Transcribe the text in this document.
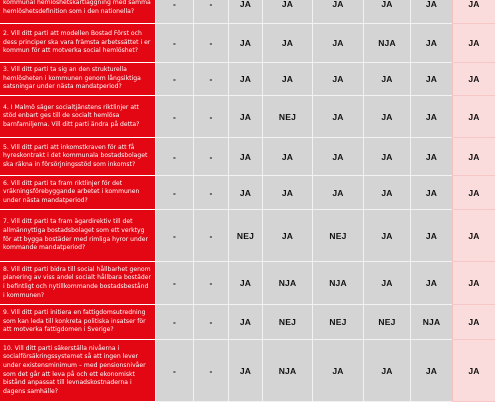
kommunal hemlöshetskartläggning med samma hemlöshetsdefinition som i den nationella?
-	-	JA	JA	JA	JA	JA	JA
2. Vill ditt parti att modellen Bostad Först och dess principer ska vara främsta arbetssättet i er kommun för att motverka social hemlöshet?
-	-	JA	JA	JA	NJA	JA	JA
3. Vill ditt parti ta sig an den strukturella hemlösheten i kommunen genom långsiktiga satsningar under nästa mandatperiod?
-	-	JA	JA	JA	JA	JA	JA
4. I Malmö säger socialtjänstens riktlinjer att stöd enbart ges till de socialt hemlösa barnfamiljerna. Vill ditt parti ändra på detta?
-	-	JA	NEJ	JA	JA	JA	JA
5. Vill ditt parti att inkomstkraven för att få hyreskontrakt i det kommunala bostadsbolaget ska räkna in försörjningsstöd som inkomst?
-	-	JA	JA	JA	JA	JA	JA
6. Vill ditt parti ta fram riktlinjer för det vräkningsförebyggande arbetet i kommunen under nästa mandatperiod?
-	-	JA	JA	JA	JA	JA	JA
7. Vill ditt parti ta fram ägardirektiv till det allmännyttiga bostadsbolaget som ett verktyg för att bygga bostäder med rimliga hyror under kommande mandatperiod?
-	-	NEJ	JA	NEJ	JA	JA	JA
8. Vill ditt parti bidra till social hållbarhet genom planering av viss andel socialt hållbara bostäder i befintligt och nytillkommande bostadsbestånd i kommunen?
-	-	JA	NJA	NJA	JA	JA	JA
9. Vill ditt parti initiera en fattigdomsutredning som kan leda till konkreta politiska insatser för att motverka fattigdomen i Sverige?
-	-	JA	NEJ	NEJ	NEJ	NJA	JA
10. Vill ditt parti säkerställa nivåerna i socialförsäkringssystemet så att ingen lever under existensminimum – med pensionsnivåer som det går att leva på och ett ekonomiskt bistånd anpassat till levnadskostnaderna i dagens samhälle?
-	-	JA	NJA	JA	JA	JA	JA
